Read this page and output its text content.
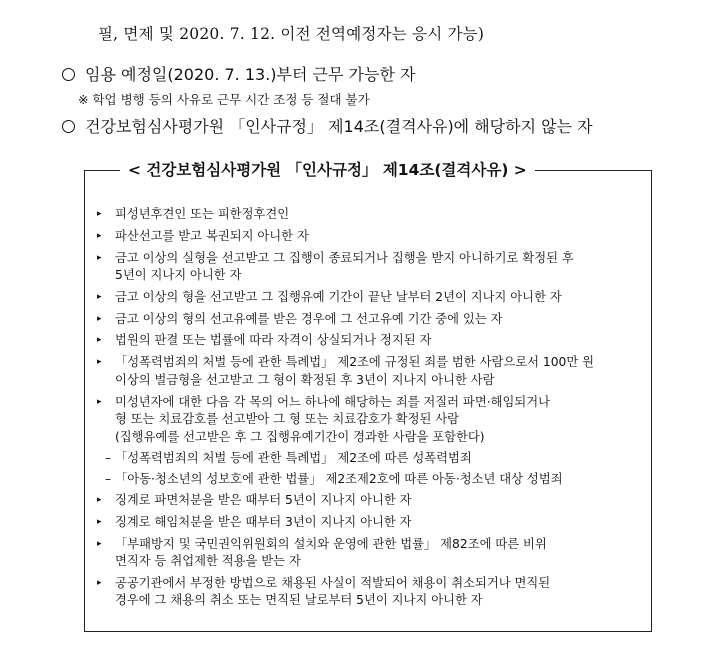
필, 면제 및 2020. 7. 12. 이전 전역예정자는 응시 가능)
임용 예정일(2020. 7. 13.)부터 근무 가능한 자
※ 학업 병행 등의 사유로 근무 시간 조정 등 절대 불가
건강보험심사평가원 「인사규정」 제14조(결격사유)에 해당하지 않는 자
< 건강보험심사평가원 「인사규정」 제14조(결격사유) >
▸ 피성년후견인 또는 피한정후견인
▸ 파산선고를 받고 복권되지 아니한 자
▸ 금고 이상의 실형을 선고받고 그 집행이 종료되거나 집행을 받지 아니하기로 확정된 후
5년이 지나지 아니한 자
▸ 금고 이상의 형을 선고받고 그 집행유예 기간이 끝난 날부터 2년이 지나지 아니한 자
▸ 금고 이상의 형의 선고유예를 받은 경우에 그 선고유예 기간 중에 있는 자
▸ 법원의 판결 또는 법률에 따라 자격이 상실되거나 정지된 자
▸ 「성폭력범죄의 처벌 등에 관한 특례법」 제2조에 규정된 죄를 범한 사람으로서 100만 원
이상의 벌금형을 선고받고 그 형이 확정된 후 3년이 지나지 아니한 사람
▸ 미성년자에 대한 다음 각 목의 어느 하나에 해당하는 죄를 저질러 파면·해임되거나
형 또는 치료감호를 선고받아 그 형 또는 치료감호가 확정된 사람
(집행유예를 선고받은 후 그 집행유예기간이 경과한 사람을 포함한다)
– 「성폭력범죄의 처벌 등에 관한 특례법」 제2조에 따른 성폭력범죄
– 「아동·청소년의 성보호에 관한 법률」 제2조제2호에 따른 아동·청소년 대상 성범죄
▸ 징계로 파면처분을 받은 때부터 5년이 지나지 아니한 자
▸ 징계로 해임처분을 받은 때부터 3년이 지나지 아니한 자
▸ 「부패방지 및 국민권익위원회의 설치와 운영에 관한 법률」 제82조에 따른 비위
면직자 등 취업제한 적용을 받는 자
▸ 공공기관에서 부정한 방법으로 채용된 사실이 적발되어 채용이 취소되거나 면직된
경우에 그 채용의 취소 또는 면직된 날로부터 5년이 지나지 아니한 자
